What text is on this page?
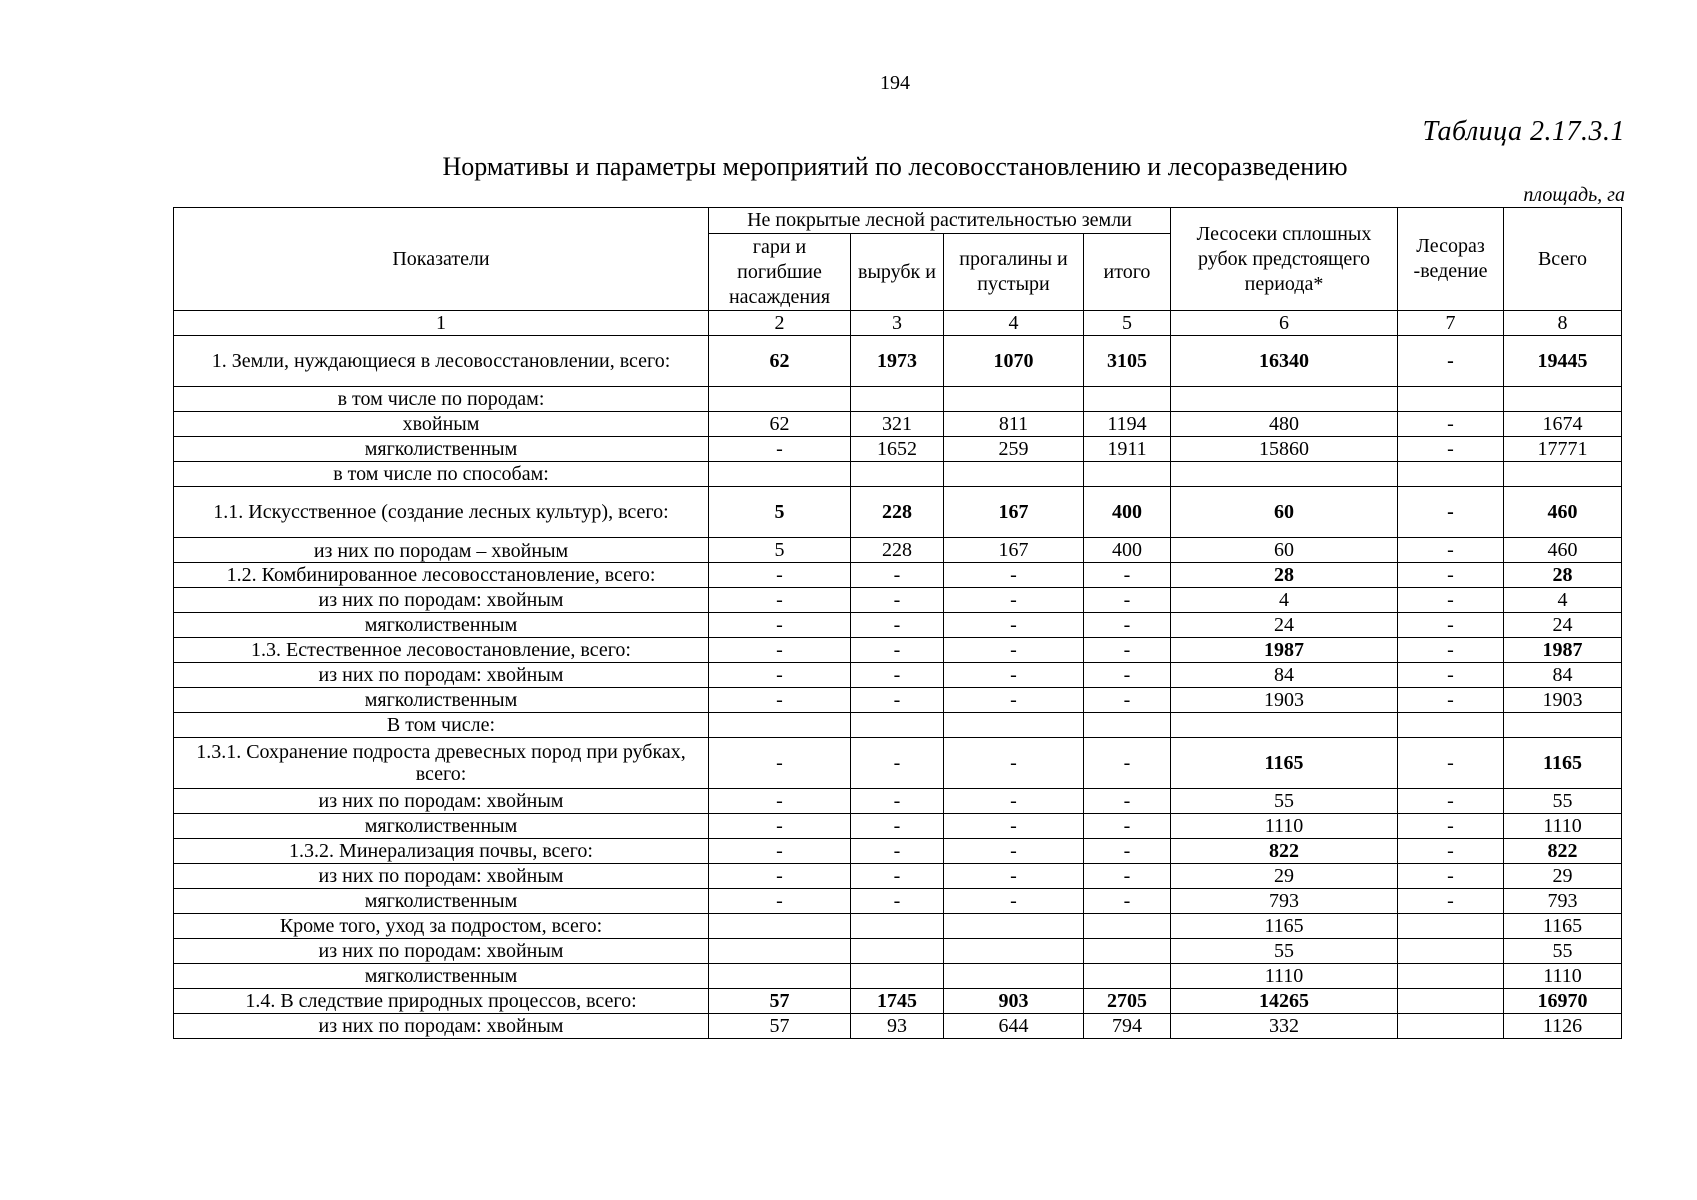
194
Таблица 2.17.3.1
Нормативы и параметры мероприятий по лесовосстановлению и лесоразведению
площадь, га
Показатели	Не покрытые лесной растительностью земли				Лесосеки сплошных рубок предстоящего периода*	Лесораз -ведение	Всего
	гари и погибшие насаждения	вырубк и	прогалины и пустыри	итого			
1	2	3	4	5	6	7	8
1. Земли, нуждающиеся в лесовосстановлении, всего:	62	1973	1070	3105	16340	-	19445
в том числе по породам:							
хвойным	62	321	811	1194	480	-	1674
мягколиственным	-	1652	259	1911	15860	-	17771
в том числе по способам:							
1.1. Искусственное (создание лесных культур), всего:	5	228	167	400	60	-	460
из них по породам – хвойным	5	228	167	400	60	-	460
1.2. Комбинированное лесовосстановление, всего:	-	-	-	-	28	-	28
из них по породам: хвойным	-	-	-	-	4	-	4
мягколиственным	-	-	-	-	24	-	24
1.3. Естественное лесовостановление, всего:	-	-	-	-	1987	-	1987
из них по породам: хвойным	-	-	-	-	84	-	84
мягколиственным	-	-	-	-	1903	-	1903
В том числе:							
1.3.1. Сохранение подроста древесных пород при рубках, всего:	-	-	-	-	1165	-	1165
из них по породам: хвойным	-	-	-	-	55	-	55
мягколиственным	-	-	-	-	1110	-	1110
1.3.2. Минерализация почвы, всего:	-	-	-	-	822	-	822
из них по породам: хвойным	-	-	-	-	29	-	29
мягколиственным	-	-	-	-	793	-	793
Кроме того, уход за подростом, всего:					1165		1165
из них по породам: хвойным					55		55
мягколиственным					1110		1110
1.4. В следствие природных процессов, всего:	57	1745	903	2705	14265		16970
из них по породам: хвойным	57	93	644	794	332		1126
